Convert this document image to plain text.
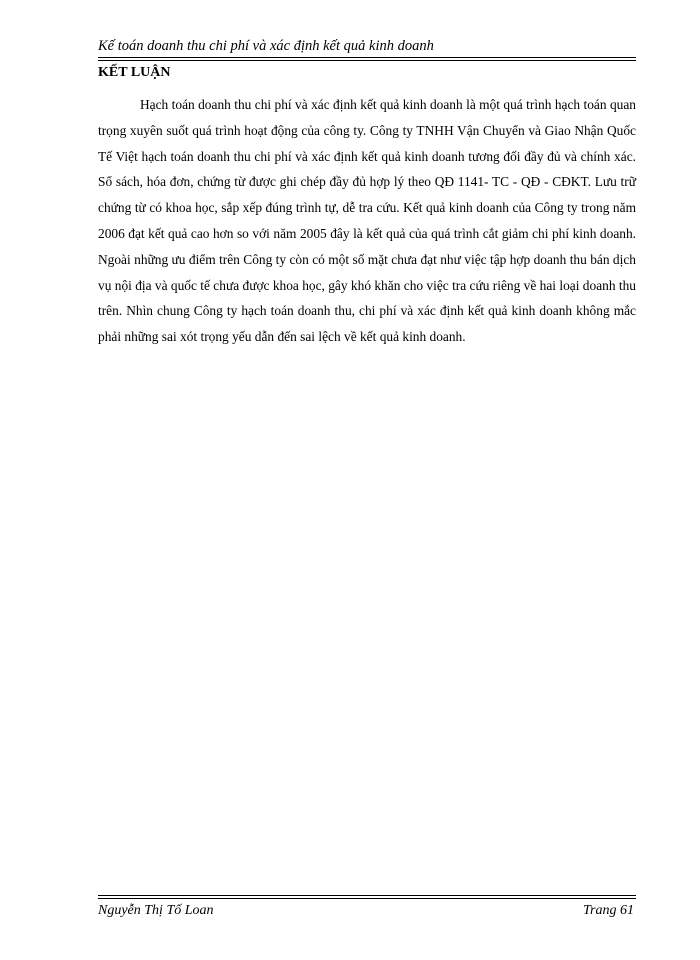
Kế toán doanh thu chi phí và xác định kết quả kinh doanh
KẾT LUẬN

Hạch toán doanh thu chi phí và xác định kết quả kinh doanh là một quá trình hạch toán quan trọng xuyên suốt quá trình hoạt động của công ty. Công ty TNHH Vận Chuyển và Giao Nhận Quốc Tế Việt hạch toán doanh thu chi phí và xác định kết quả kinh doanh tương đối đầy đủ và chính xác. Sổ sách, hóa đơn, chứng từ được ghi chép đầy đủ hợp lý theo QĐ 1141- TC - QĐ - CĐKT. Lưu trữ chứng từ có khoa học, sắp xếp đúng trình tự, dễ tra cứu. Kết quả kinh doanh của Công ty trong năm 2006 đạt kết quả cao hơn so với năm 2005 đây là kết quả của quá trình cắt giảm chi phí kinh doanh. Ngoài những ưu điểm trên Công ty còn có một số mặt chưa đạt như việc tập hợp doanh thu bán dịch vụ nội địa và quốc tế chưa được khoa học, gây khó khăn cho việc tra cứu riêng về hai loại doanh thu trên. Nhìn chung Công ty hạch toán doanh thu, chi phí và xác định kết quả kinh doanh không mắc phải những sai xót trọng yếu dẫn đến sai lệch về kết quả kinh doanh.

Nguyễn Thị Tố Loan	Trang 61
